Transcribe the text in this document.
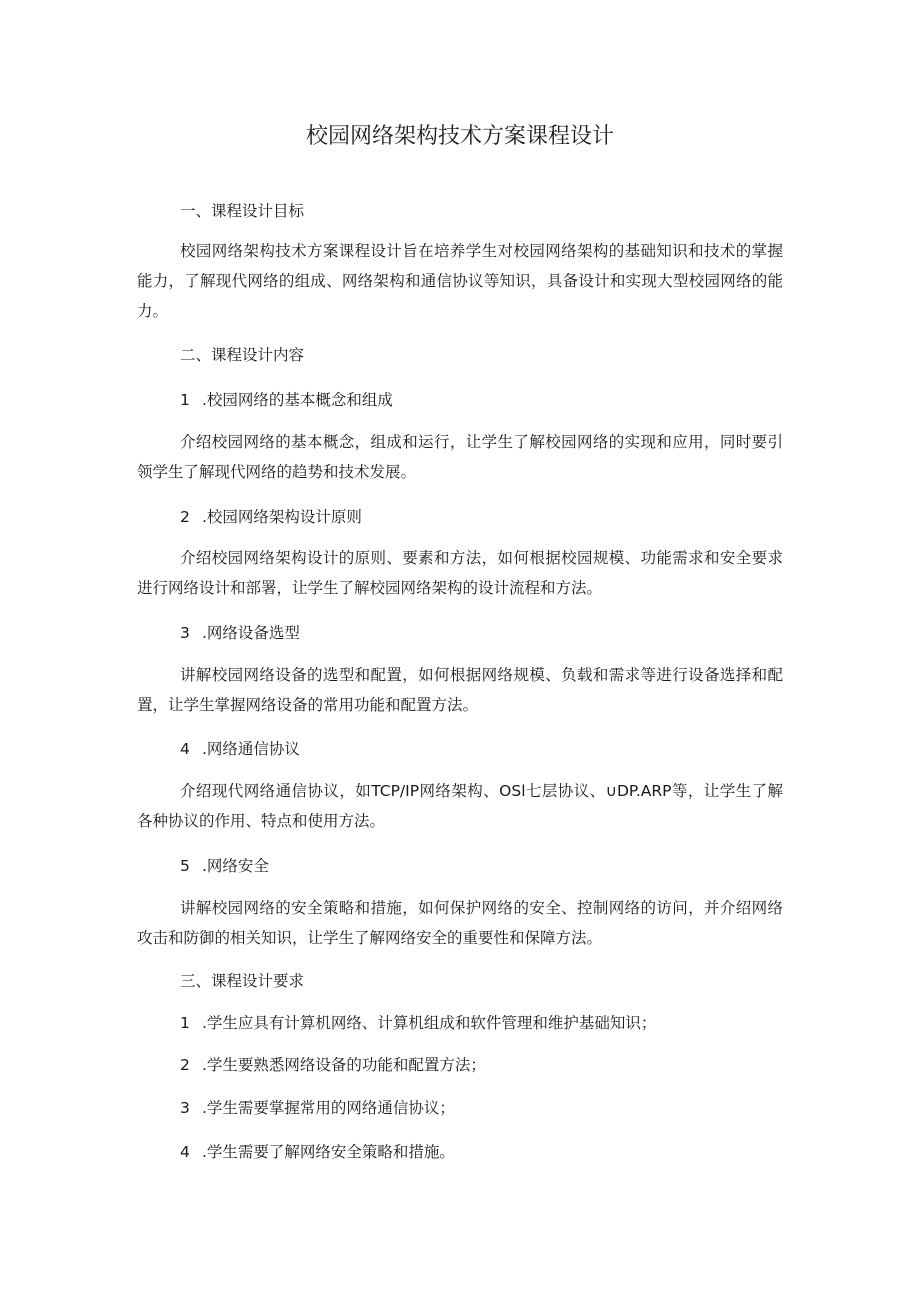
校园网络架构技术方案课程设计

一、课程设计目标

校园网络架构技术方案课程设计旨在培养学生对校园网络架构的基础知识和技术的掌握能力，了解现代网络的组成、网络架构和通信协议等知识，具备设计和实现大型校园网络的能力。

二、课程设计内容

1 .校园网络的基本概念和组成

介绍校园网络的基本概念，组成和运行，让学生了解校园网络的实现和应用，同时要引领学生了解现代网络的趋势和技术发展。

2 .校园网络架构设计原则

介绍校园网络架构设计的原则、要素和方法，如何根据校园规模、功能需求和安全要求进行网络设计和部署，让学生了解校园网络架构的设计流程和方法。

3 .网络设备选型

讲解校园网络设备的选型和配置，如何根据网络规模、负载和需求等进行设备选择和配置，让学生掌握网络设备的常用功能和配置方法。

4 .网络通信协议

介绍现代网络通信协议，如TCP/IP网络架构、OSl七层协议、∪DP.ARP等，让学生了解各种协议的作用、特点和使用方法。

5 .网络安全

讲解校园网络的安全策略和措施，如何保护网络的安全、控制网络的访问，并介绍网络攻击和防御的相关知识，让学生了解网络安全的重要性和保障方法。

三、课程设计要求

1 .学生应具有计算机网络、计算机组成和软件管理和维护基础知识；

2 .学生要熟悉网络设备的功能和配置方法；

3 .学生需要掌握常用的网络通信协议；

4 .学生需要了解网络安全策略和措施。
